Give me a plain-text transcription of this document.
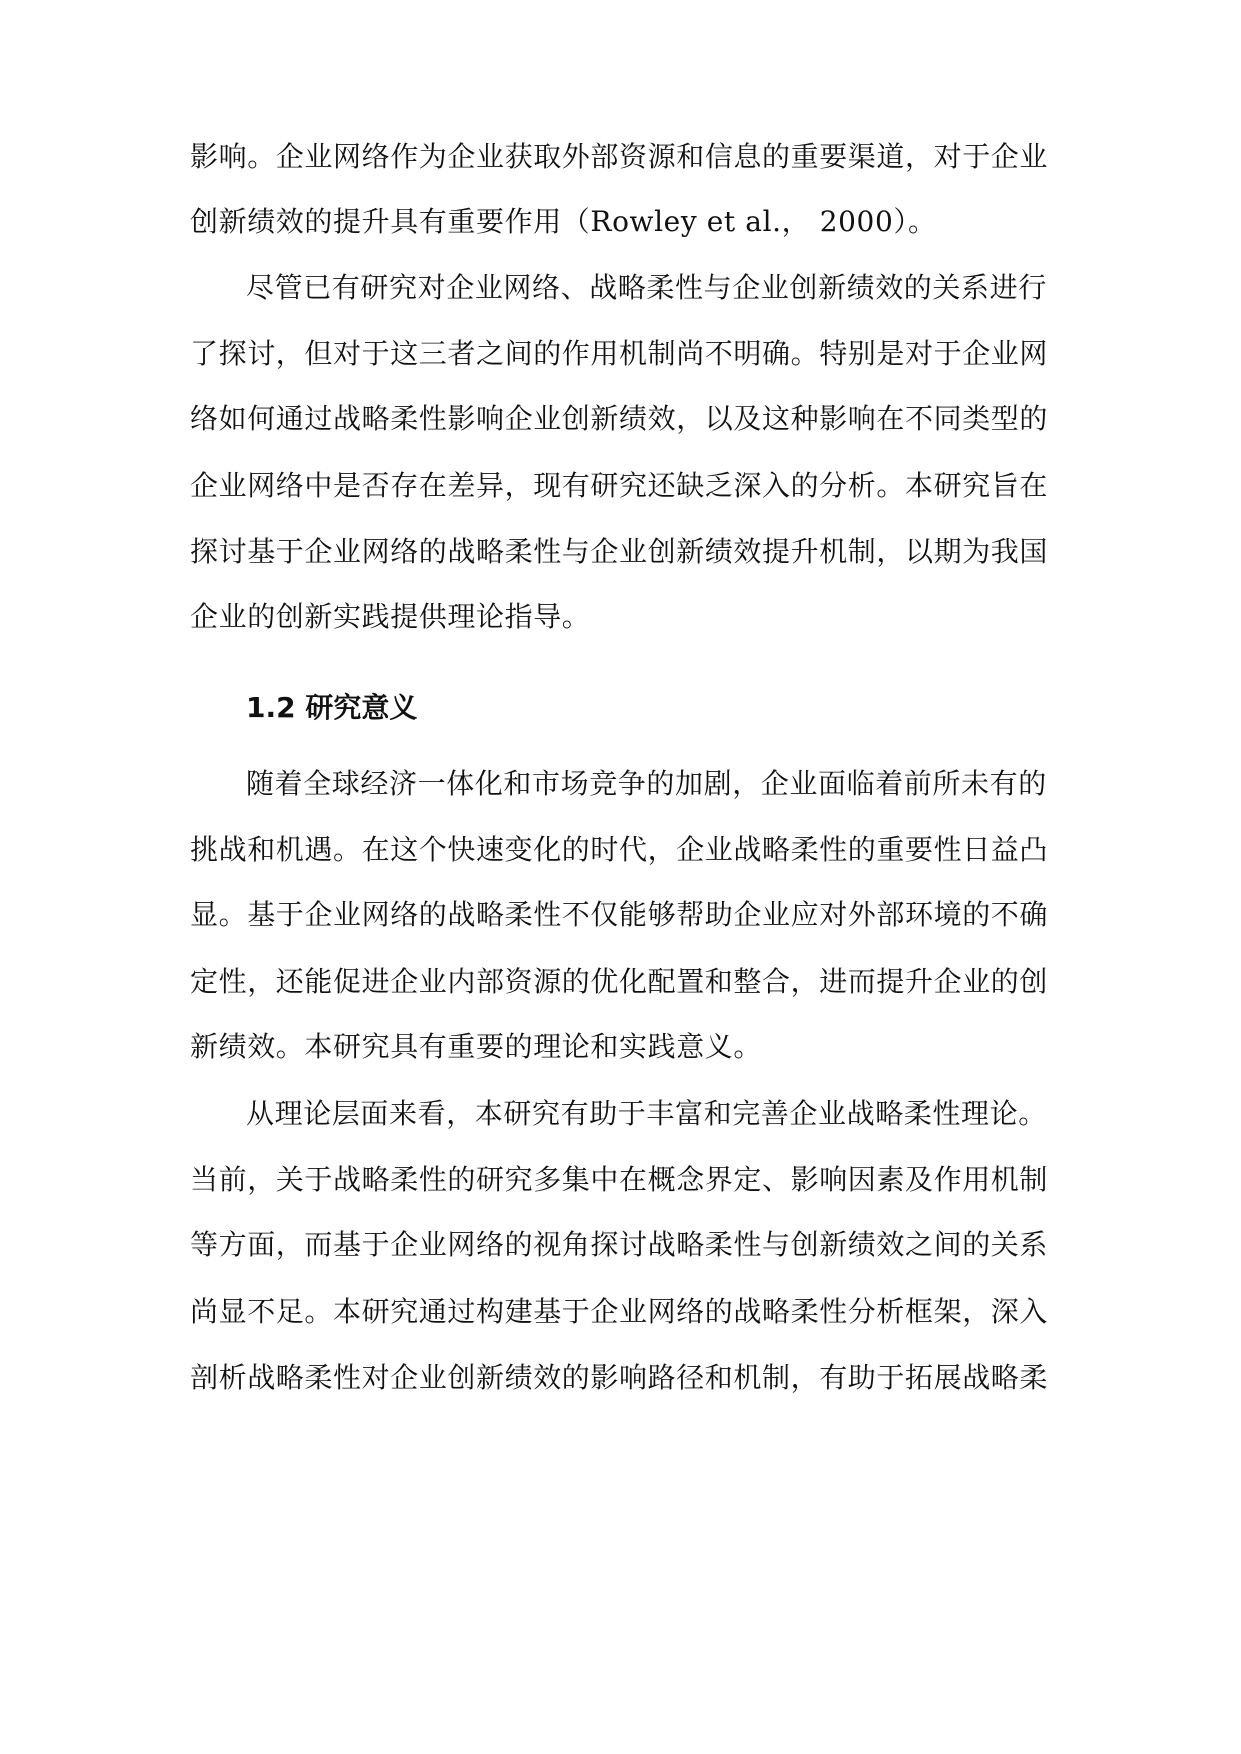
影响。企业网络作为企业获取外部资源和信息的重要渠道，对于企业
创新绩效的提升具有重要作用（Rowley et al.， 2000）。
尽管已有研究对企业网络、战略柔性与企业创新绩效的关系进行
了探讨，但对于这三者之间的作用机制尚不明确。特别是对于企业网
络如何通过战略柔性影响企业创新绩效，以及这种影响在不同类型的
企业网络中是否存在差异，现有研究还缺乏深入的分析。本研究旨在
探讨基于企业网络的战略柔性与企业创新绩效提升机制，以期为我国
企业的创新实践提供理论指导。
1.2 研究意义
随着全球经济一体化和市场竞争的加剧，企业面临着前所未有的
挑战和机遇。在这个快速变化的时代，企业战略柔性的重要性日益凸
显。基于企业网络的战略柔性不仅能够帮助企业应对外部环境的不确
定性，还能促进企业内部资源的优化配置和整合，进而提升企业的创
新绩效。本研究具有重要的理论和实践意义。
从理论层面来看，本研究有助于丰富和完善企业战略柔性理论。
当前，关于战略柔性的研究多集中在概念界定、影响因素及作用机制
等方面，而基于企业网络的视角探讨战略柔性与创新绩效之间的关系
尚显不足。本研究通过构建基于企业网络的战略柔性分析框架，深入
剖析战略柔性对企业创新绩效的影响路径和机制，有助于拓展战略柔
